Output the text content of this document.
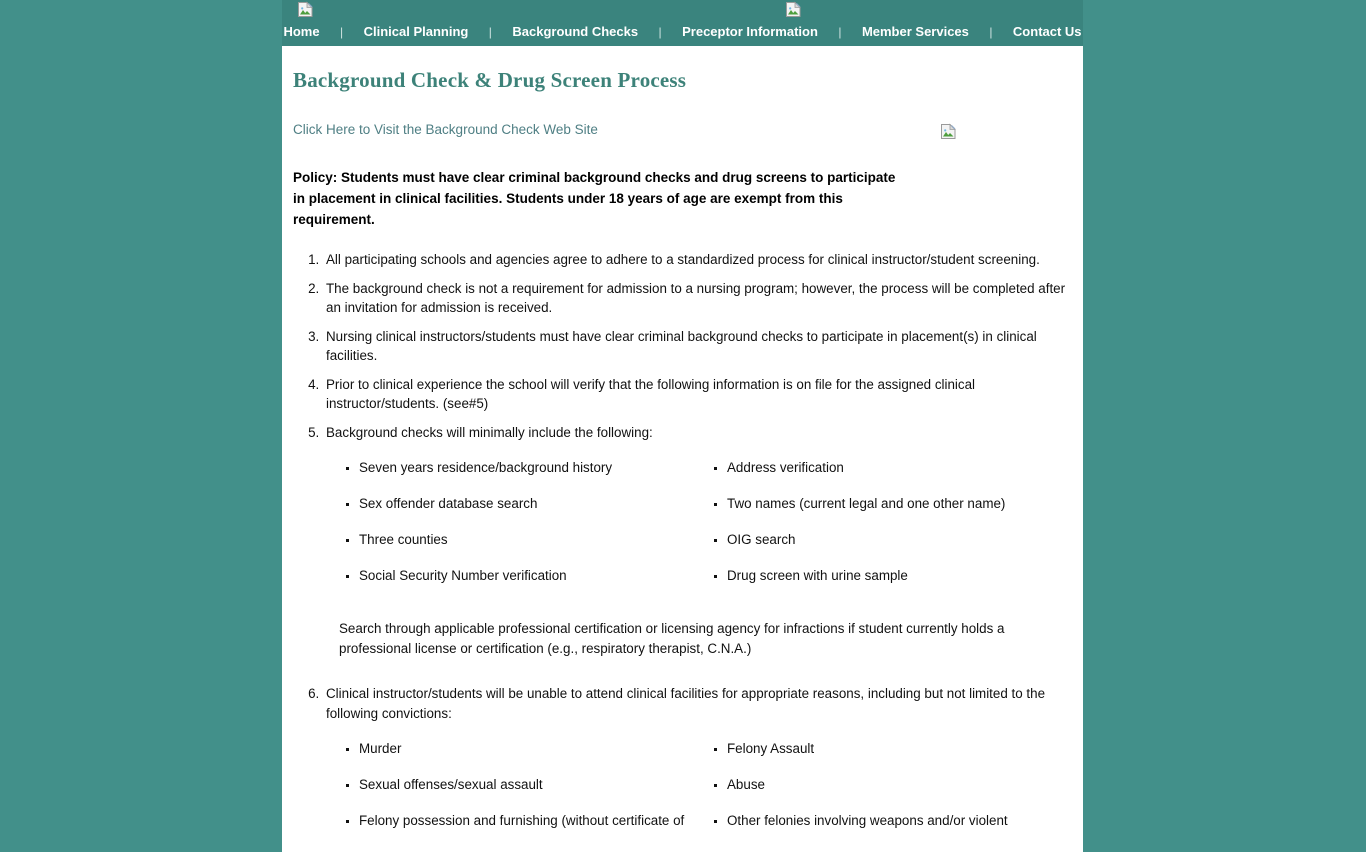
Home | Clinical Planning | Background Checks | Preceptor Information | Member Services | Contact Us
Background Check & Drug Screen Process
Click Here to Visit the Background Check Web Site

Policy: Students must have clear criminal background checks and drug screens to participate in placement in clinical facilities. Students under 18 years of age are exempt from this requirement.

1. All participating schools and agencies agree to adhere to a standardized process for clinical instructor/student screening.
2. The background check is not a requirement for admission to a nursing program; however, the process will be completed after an invitation for admission is received.
3. Nursing clinical instructors/students must have clear criminal background checks to participate in placement(s) in clinical facilities.
4. Prior to clinical experience the school will verify that the following information is on file for the assigned clinical instructor/students. (see#5)
5. Background checks will minimally include the following:
▪ Seven years residence/background history
▪ Sex offender database search
▪ Three counties
▪ Social Security Number verification
▪ Address verification
▪ Two names (current legal and one other name)
▪ OIG search
▪ Drug screen with urine sample

Search through applicable professional certification or licensing agency for infractions if student currently holds a professional license or certification (e.g., respiratory therapist, C.N.A.)

6. Clinical instructor/students will be unable to attend clinical facilities for appropriate reasons, including but not limited to the following convictions:
▪ Murder
▪ Sexual offenses/sexual assault
▪ Felony possession and furnishing (without certificate of
▪ Felony Assault
▪ Abuse
▪ Other felonies involving weapons and/or violent
